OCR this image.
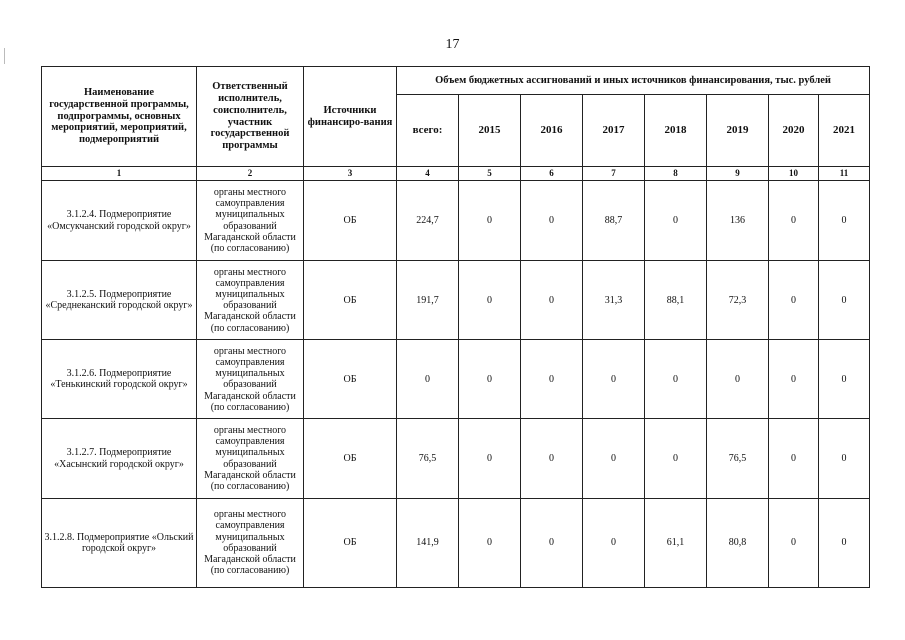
17
Наименование государственной программы, подпрограммы, основных мероприятий, мероприятий, подмероприятий	Ответственный исполнитель, соисполнитель, участник государственной программы	Источники финансиро-вания	Объем бюджетных ассигнований и иных источников финансирования, тыс. рублей							
			всего:	2015	2016	2017	2018	2019	2020	2021
1	2	3	4	5	6	7	8	9	10	11
3.1.2.4. Подмероприятие «Омсукчанский городской округ»	органы местного самоуправления муниципальных образований Магаданской области (по согласованию)	ОБ	224,7	0	0	88,7	0	136	0	0
3.1.2.5. Подмероприятие «Среднеканский городской округ»	органы местного самоуправления муниципальных образований Магаданской области (по согласованию)	ОБ	191,7	0	0	31,3	88,1	72,3	0	0
3.1.2.6. Подмероприятие «Тенькинский городской округ»	органы местного самоуправления муниципальных образований Магаданской области (по согласованию)	ОБ	0	0	0	0	0	0	0	0
3.1.2.7. Подмероприятие «Хасынский городской округ»	органы местного самоуправления муниципальных образований Магаданской области (по согласованию)	ОБ	76,5	0	0	0	0	76,5	0	0
3.1.2.8. Подмероприятие «Ольский городской округ»	органы местного самоуправления муниципальных образований Магаданской области (по согласованию)	ОБ	141,9	0	0	0	61,1	80,8	0	0
